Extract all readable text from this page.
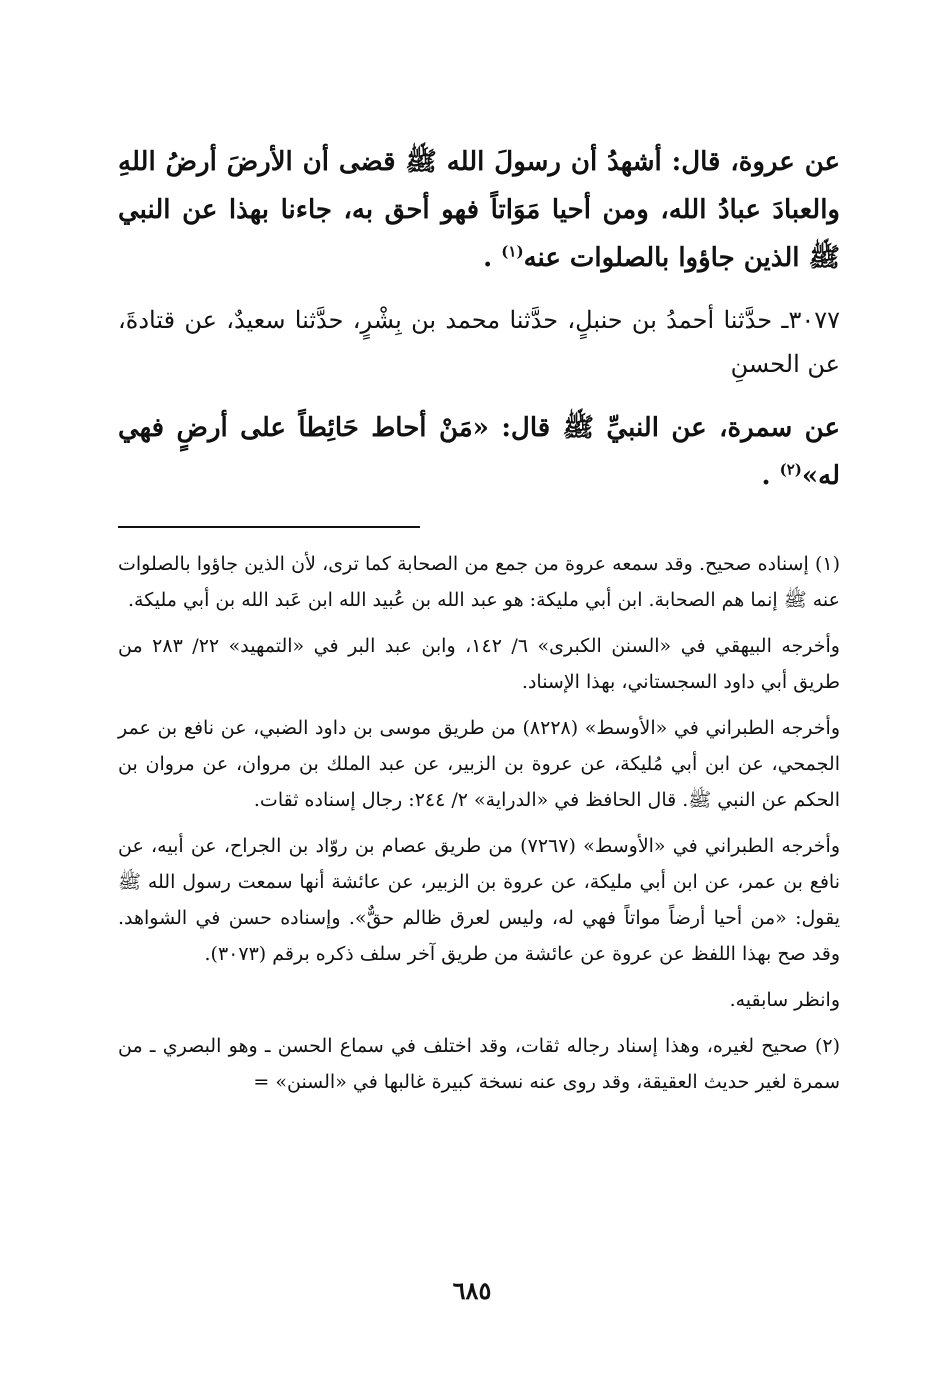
عن عروة، قال: أشهدُ أن رسولَ الله ﷺ قضى أن الأرضَ أرضُ اللهِ والعبادَ عبادُ الله، ومن أحيا مَوَاتاً فهو أحق به، جاءنا بهذا عن النبي ﷺ الذين جاؤوا بالصلوات عنه$^{(١)}$ .

٣٠٧٧ـ حدَّثنا أحمدُ بن حنبلٍ، حدَّثنا محمد بن بِشْرٍ، حدَّثنا سعيدٌ، عن قتادةَ، عن الحسنِ

عن سمرة، عن النبيِّ ﷺ قال: «مَنْ أحاط حَائِطاً على أرضٍ فهي له»$^{(٢)}$ .

(١) إسناده صحيح. وقد سمعه عروة من جمع من الصحابة كما ترى، لأن الذين جاؤوا بالصلوات عنه ﷺ إنما هم الصحابة. ابن أبي مليكة: هو عبد الله بن عُبيد الله ابن عَبد الله بن أبي مليكة.

وأخرجه البيهقي في «السنن الكبرى» ٦/ ١٤٢، وابن عبد البر في «التمهيد» ٢٢/ ٢٨٣ من طريق أبي داود السجستاني، بهذا الإسناد.

وأخرجه الطبراني في «الأوسط» (٨٢٢٨) من طريق موسى بن داود الضبي، عن نافع بن عمر الجمحي، عن ابن أبي مُليكة، عن عروة بن الزبير، عن عبد الملك بن مروان، عن مروان بن الحكم عن النبي ﷺ. قال الحافظ في «الدراية» ٢/ ٢٤٤: رجال إسناده ثقات.

وأخرجه الطبراني في «الأوسط» (٧٢٦٧) من طريق عصام بن روّاد بن الجراح، عن أبيه، عن نافع بن عمر، عن ابن أبي مليكة، عن عروة بن الزبير، عن عائشة أنها سمعت رسول الله ﷺ يقول: «من أحيا أرضاً مواتاً فهي له، وليس لعرق ظالم حقٌّ». وإسناده حسن في الشواهد. وقد صح بهذا اللفظ عن عروة عن عائشة من طريق آخر سلف ذكره برقم (٣٠٧٣).

وانظر سابقيه.

(٢) صحيح لغيره، وهذا إسناد رجاله ثقات، وقد اختلف في سماع الحسن ـ وهو البصري ـ من سمرة لغير حديث العقيقة، وقد روى عنه نسخة كبيرة غالبها في «السنن» =

٦٨٥
